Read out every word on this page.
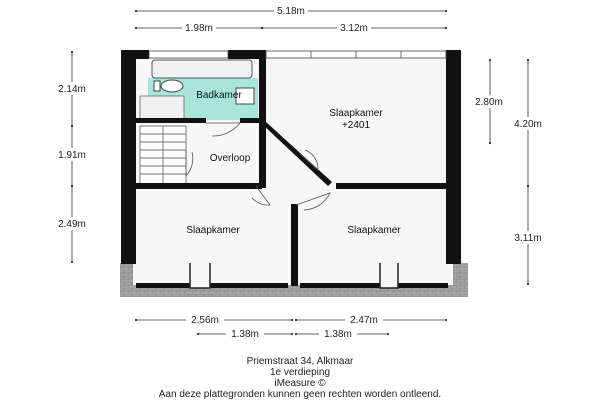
5.18m
1.98m	3.12m
2.14m
1.91m
2.49m
2.80m
4.20m
3.11m
2.56m
1.38m
2.47m
1.38m
Badkamer
Slaapkamer
+2401
Overloop
Slaapkamer	Slaapkamer
Priemstraat 34, Alkmaar
1e verdieping
iMeasure ©
Aan deze plattegronden kunnen geen rechten worden ontleend.
